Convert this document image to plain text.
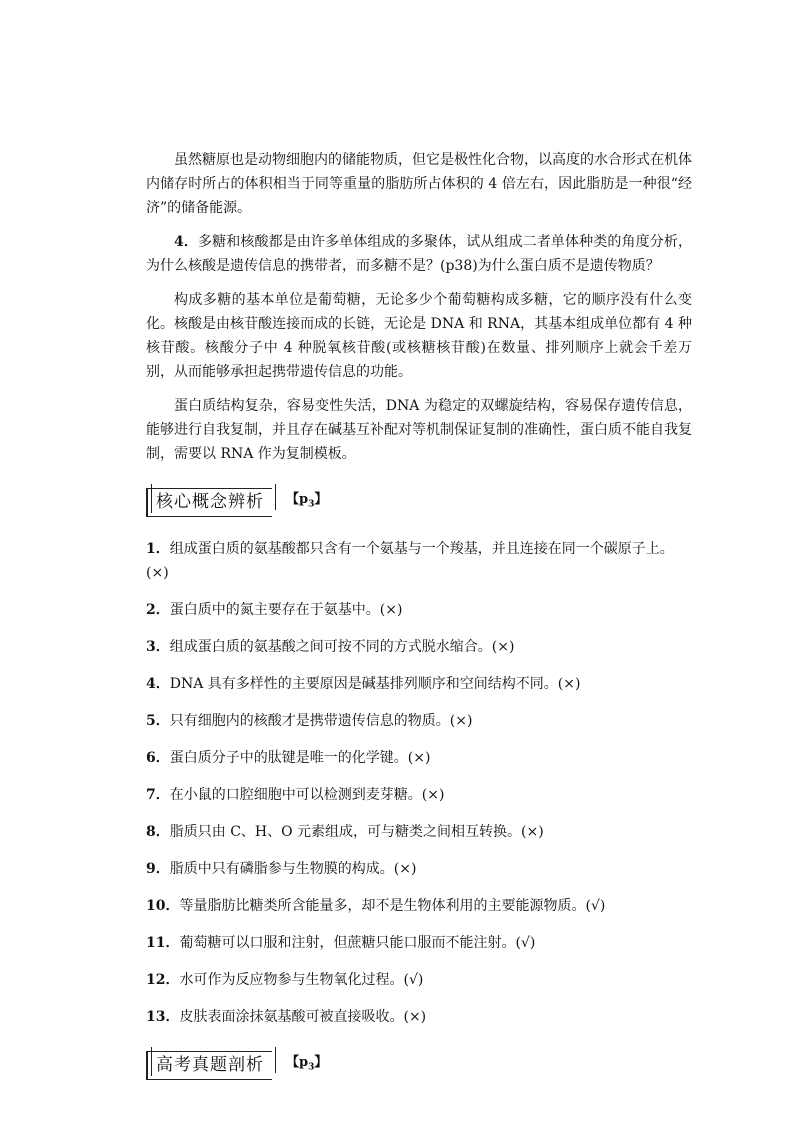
虽然糖原也是动物细胞内的储能物质，但它是极性化合物，以高度的水合形式在机体内储存时所占的体积相当于同等重量的脂肪所占体积的 4 倍左右，因此脂肪是一种很“经济”的储备能源。

4．多糖和核酸都是由许多单体组成的多聚体，试从组成二者单体种类的角度分析，为什么核酸是遗传信息的携带者，而多糖不是？(p38)为什么蛋白质不是遗传物质？

构成多糖的基本单位是葡萄糖，无论多少个葡萄糖构成多糖，它的顺序没有什么变化。核酸是由核苷酸连接而成的长链，无论是 DNA 和 RNA，其基本组成单位都有 4 种核苷酸。核酸分子中 4 种脱氧核苷酸(或核糖核苷酸)在数量、排列顺序上就会千差万别，从而能够承担起携带遗传信息的功能。

蛋白质结构复杂，容易变性失活，DNA 为稳定的双螺旋结构，容易保存遗传信息，能够进行自我复制，并且存在碱基互补配对等机制保证复制的准确性，蛋白质不能自我复制，需要以 RNA 作为复制模板。

核心概念辨析	【$p_3$】
1．组成蛋白质的氨基酸都只含有一个氨基与一个羧基，并且连接在同一个碳原子上。(×)
2．蛋白质中的氮主要存在于氨基中。(×)
3．组成蛋白质的氨基酸之间可按不同的方式脱水缩合。(×)
4．DNA 具有多样性的主要原因是碱基排列顺序和空间结构不同。(×)
5．只有细胞内的核酸才是携带遗传信息的物质。(×)
6．蛋白质分子中的肽键是唯一的化学键。(×)
7．在小鼠的口腔细胞中可以检测到麦芽糖。(×)
8．脂质只由 C、H、O 元素组成，可与糖类之间相互转换。(×)
9．脂质中只有磷脂参与生物膜的构成。(×)
10．等量脂肪比糖类所含能量多，却不是生物体利用的主要能源物质。(√)
11．葡萄糖可以口服和注射，但蔗糖只能口服而不能注射。(√)
12．水可作为反应物参与生物氧化过程。(√)
13．皮肤表面涂抹氨基酸可被直接吸收。(×)
高考真题剖析	【$p_3$】
